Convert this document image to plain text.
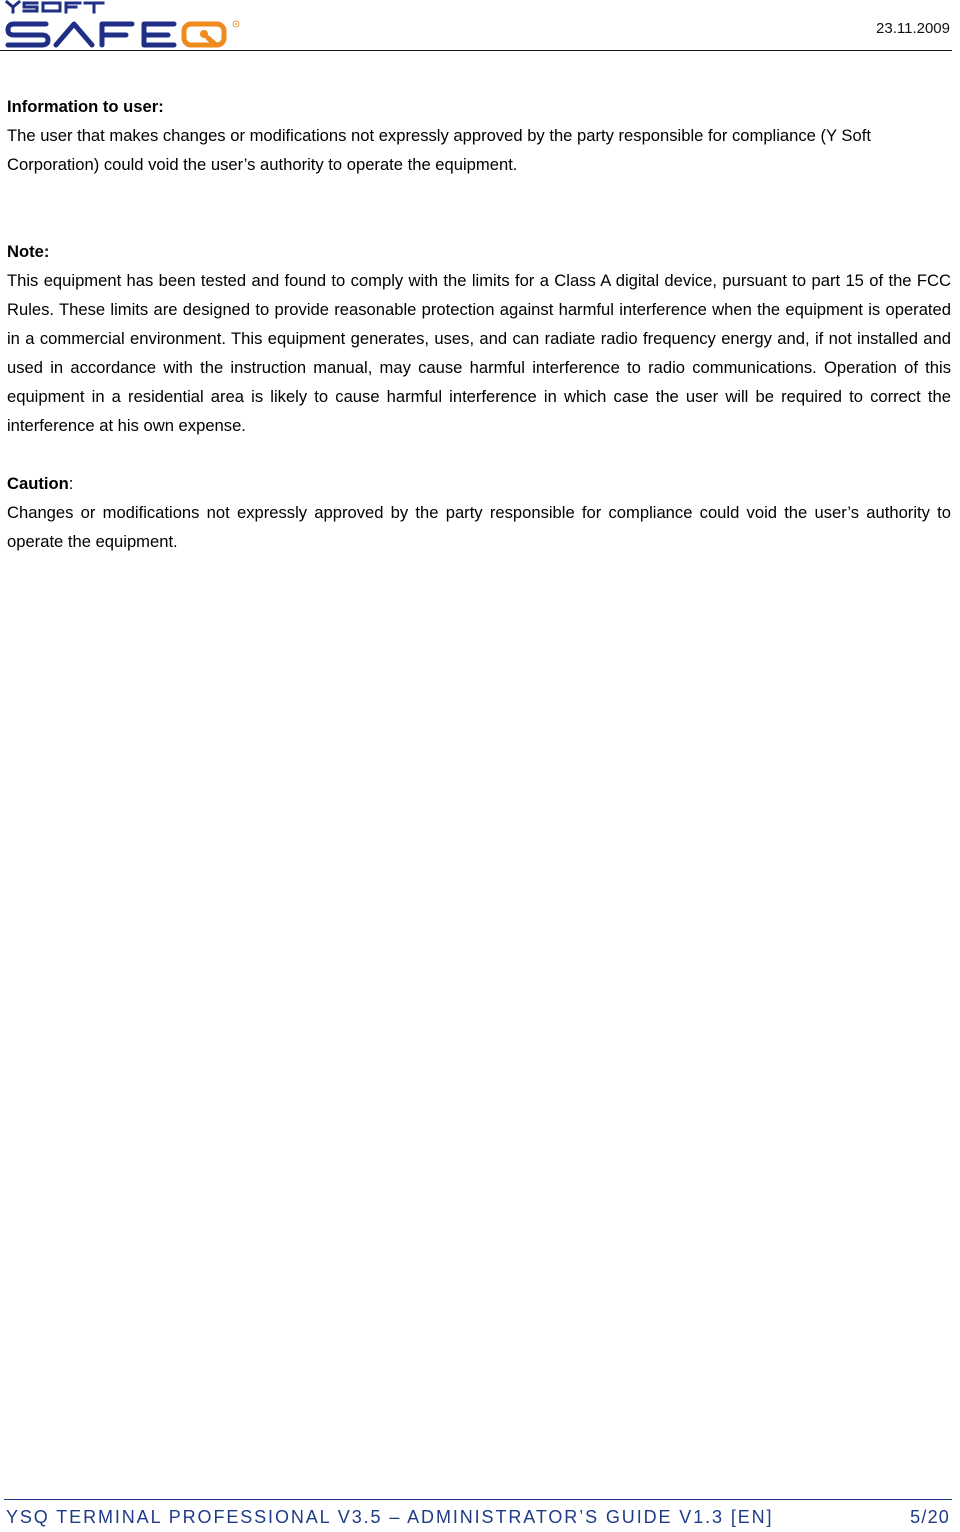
23.11.2009

Information to user:

The user that makes changes or modifications not expressly approved by the party responsible for compliance (Y Soft Corporation) could void the user’s authority to operate the equipment.

Note:

This equipment has been tested and found to comply with the limits for a Class A digital device, pursuant to part 15 of the FCC Rules. These limits are designed to provide reasonable protection against harmful interference when the equipment is operated in a commercial environment. This equipment generates, uses, and can radiate radio frequency energy and, if not installed and used in accordance with the instruction manual, may cause harmful interference to radio communications. Operation of this equipment in a residential area is likely to cause harmful interference in which case the user will be required to correct the interference at his own expense.

Caution:

Changes or modifications not expressly approved by the party responsible for compliance could void the user’s authority to operate the equipment.

YSQ TERMINAL PROFESSIONAL V3.5 – ADMINISTRATOR’S GUIDE V1.3 [EN]	5/20
